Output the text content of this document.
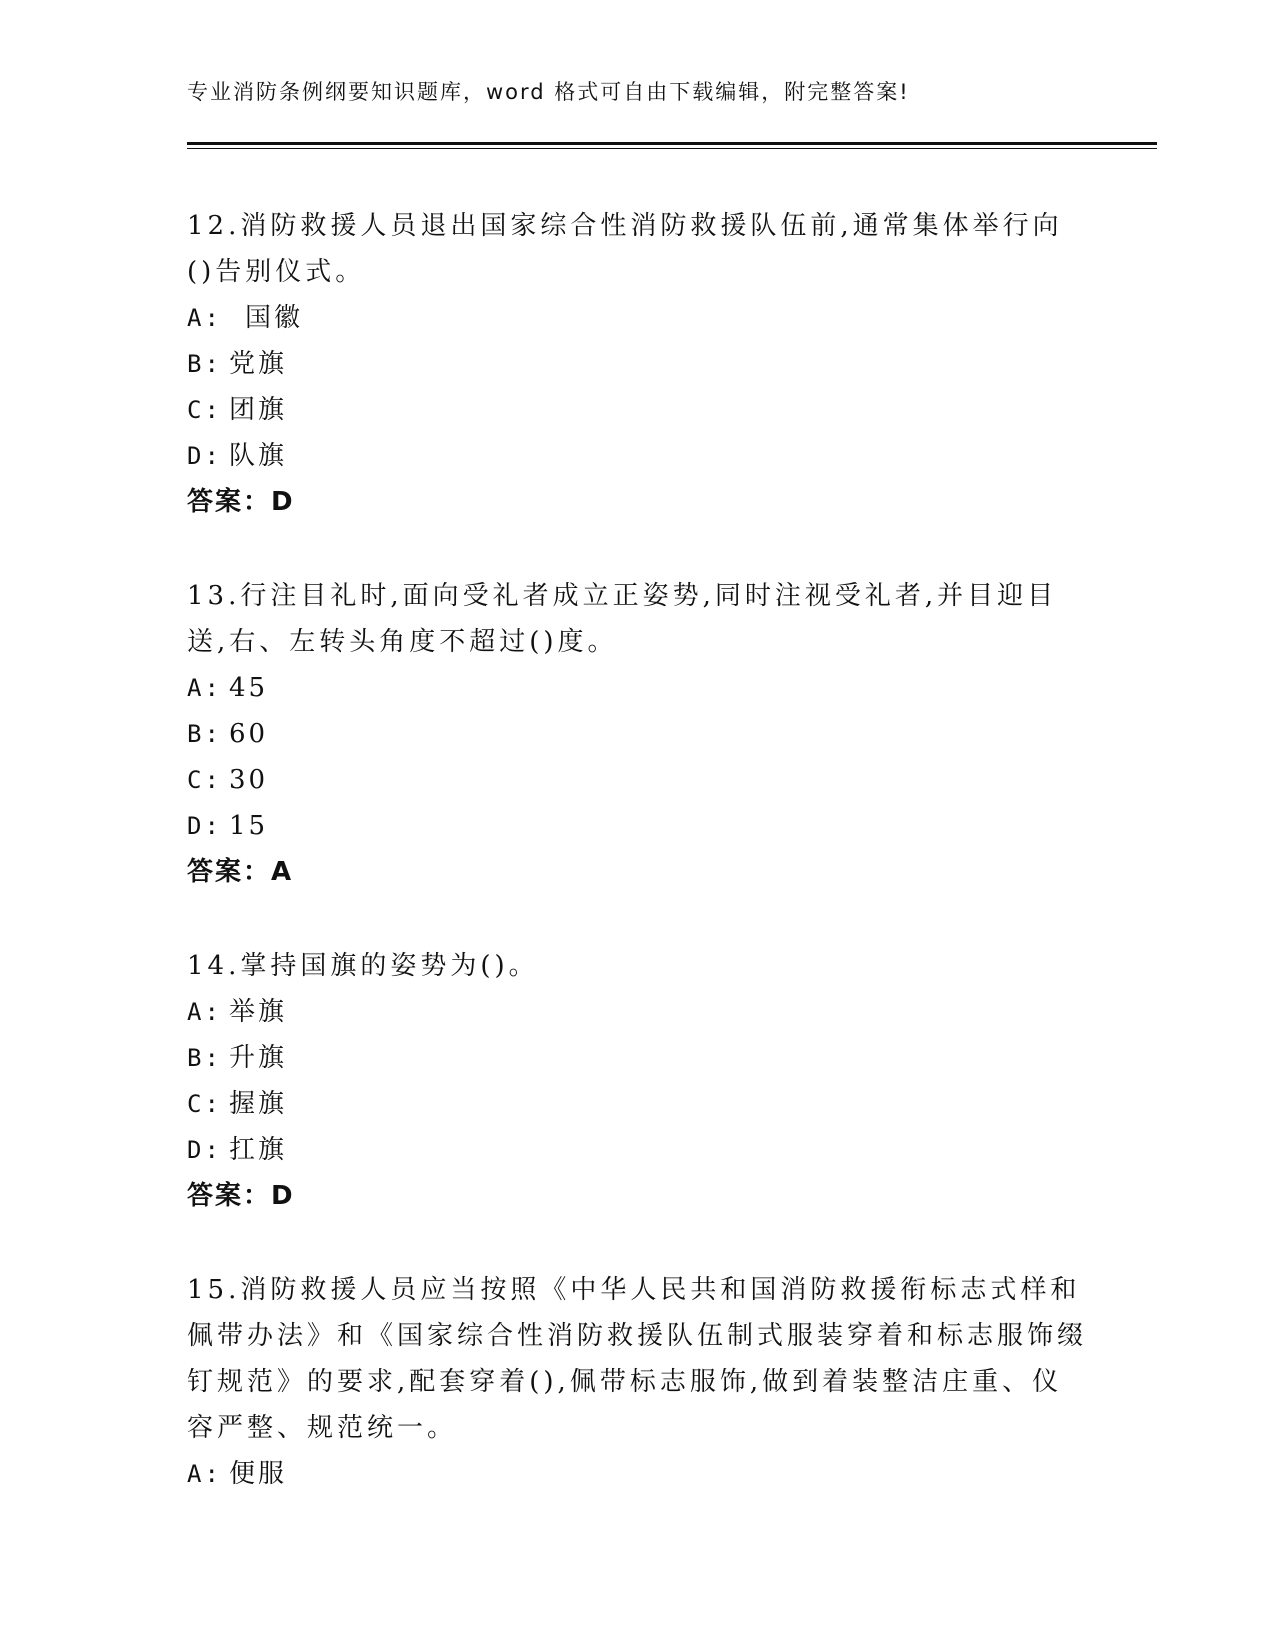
专业消防条例纲要知识题库，word 格式可自由下载编辑，附完整答案!

12.消防救援人员退出国家综合性消防救援队伍前,通常集体举行向()告别仪式。

A: 国徽

B: 党旗

C: 团旗

D: 队旗

答案：D

13.行注目礼时,面向受礼者成立正姿势,同时注视受礼者,并目迎目送,右、左转头角度不超过()度。

A: 45

B: 60

C: 30

D: 15

答案：A

14.掌持国旗的姿势为()。

A: 举旗

B: 升旗

C: 握旗

D: 扛旗

答案：D

15.消防救援人员应当按照《中华人民共和国消防救援衔标志式样和佩带办法》和《国家综合性消防救援队伍制式服装穿着和标志服饰缀钉规范》的要求,配套穿着(),佩带标志服饰,做到着装整洁庄重、仪容严整、规范统一。

A: 便服
